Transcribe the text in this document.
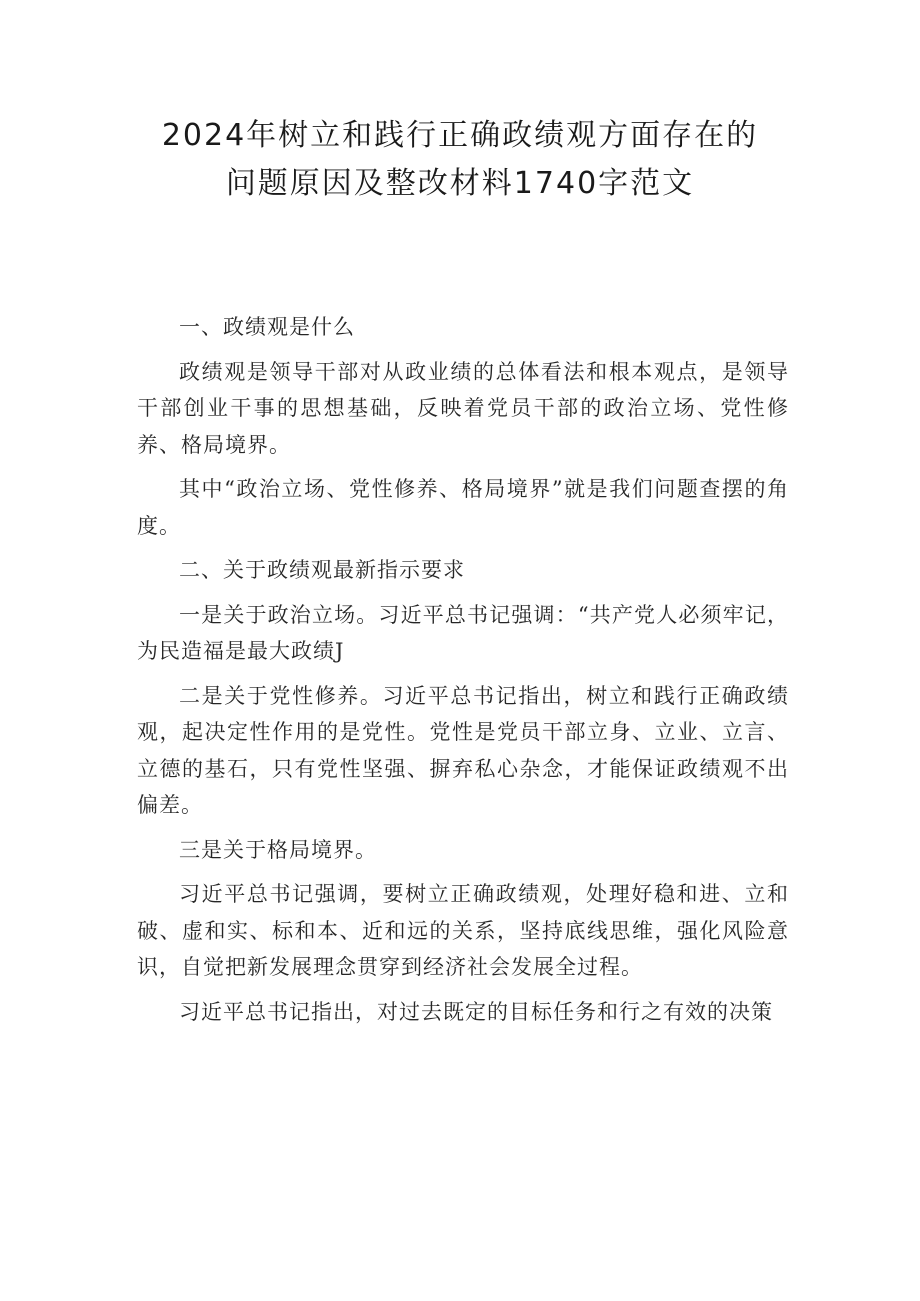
2024年树立和践行正确政绩观方面存在的
问题原因及整改材料1740字范文

一、政绩观是什么

政绩观是领导干部对从政业绩的总体看法和根本观点，是领导干部创业干事的思想基础，反映着党员干部的政治立场、党性修养、格局境界。

其中“政治立场、党性修养、格局境界”就是我们问题查摆的角度。

二、关于政绩观最新指示要求

一是关于政治立场。习近平总书记强调：“共产党人必须牢记，为民造福是最大政绩J

二是关于党性修养。习近平总书记指出，树立和践行正确政绩观，起决定性作用的是党性。党性是党员干部立身、立业、立言、立德的基石，只有党性坚强、摒弃私心杂念，才能保证政绩观不出偏差。

三是关于格局境界。

习近平总书记强调，要树立正确政绩观，处理好稳和进、立和破、虚和实、标和本、近和远的关系，坚持底线思维，强化风险意识，自觉把新发展理念贯穿到经济社会发展全过程。

习近平总书记指出，对过去既定的目标任务和行之有效的决策
